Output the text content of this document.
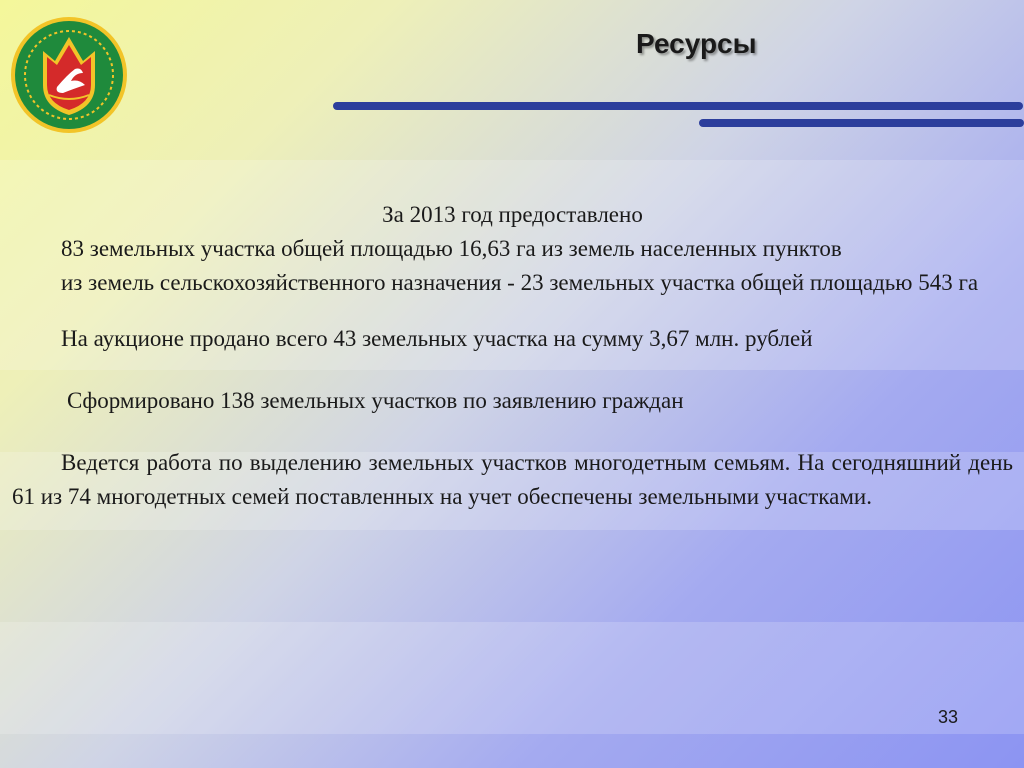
Ресурсы

За 2013 год предоставлено

83 земельных участка общей площадью 16,63 га из земель населенных пунктов

из земель сельскохозяйственного назначения - 23 земельных участка общей площадью 543 га

На аукционе продано всего 43 земельных участка на сумму 3,67 млн. рублей

Сформировано 138 земельных участков по заявлению граждан

Ведется работа по выделению земельных участков многодетным семьям. На сегодняшний день 61 из 74 многодетных семей поставленных на учет обеспечены земельными участками.

33
